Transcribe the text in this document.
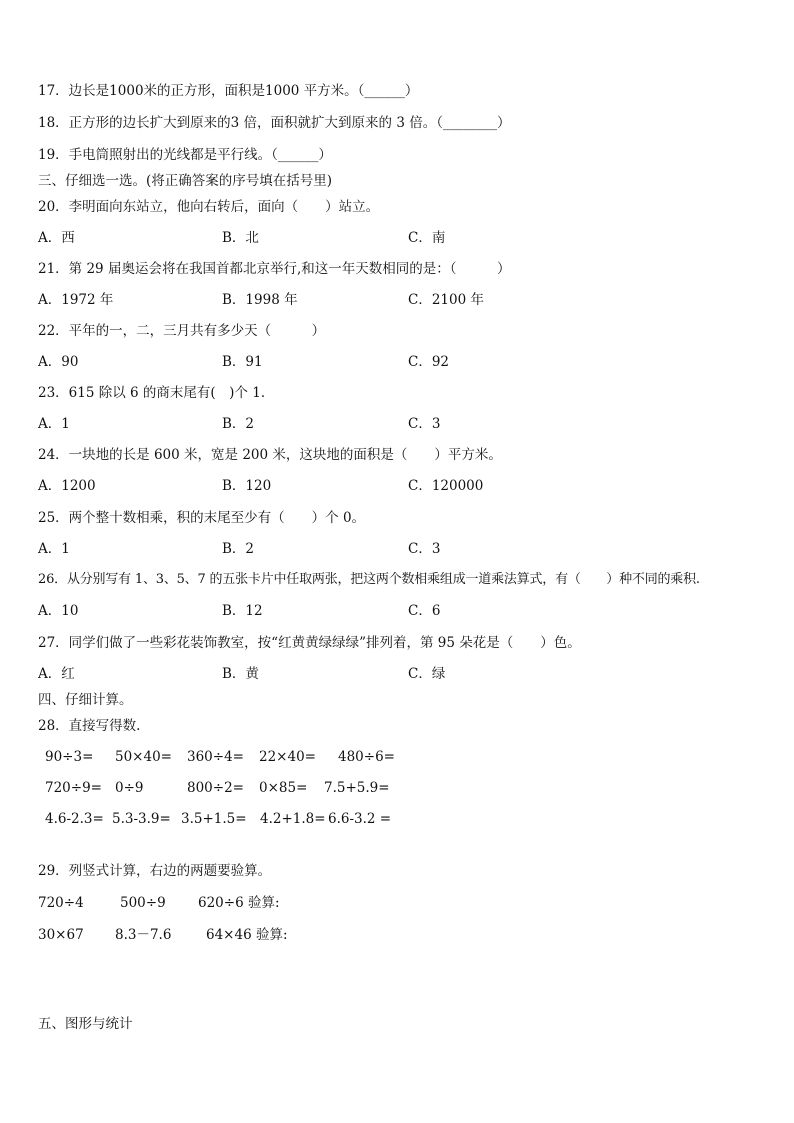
17．边长是1000米的正方形，面积是1000 平方米。（______）
18．正方形的边长扩大到原来的3 倍，面积就扩大到原来的 3 倍。（________）
19．手电筒照射出的光线都是平行线。（______）
三、仔细选一选。(将正确答案的序号填在括号里)
20．李明面向东站立，他向右转后，面向（　　）站立。
A．西	B．北	C．南
21．第 29 届奥运会将在我国首都北京举行,和这一年天数相同的是：（　　　）
A．1972 年	B．1998 年	C．2100 年
22．平年的一，二，三月共有多少天（　　　）
A．90	B．91	C．92
23．615 除以 6 的商末尾有(　)个 1．
A．1	B．2	C．3
24．一块地的长是 600 米，宽是 200 米，这块地的面积是（　　）平方米。
A．1200	B．120	C．120000
25．两个整十数相乘，积的末尾至少有（　　）个 0。
A．1	B．2	C．3
26．从分别写有 1、3、5、7 的五张卡片中任取两张，把这两个数相乘组成一道乘法算式，有（　　）种不同的乘积.
A．10	B．12	C．6
27．同学们做了一些彩花装饰教室，按“红黄黄绿绿绿”排列着，第 95 朵花是（　　）色。
A．红	B．黄	C．绿
四、仔细计算。
28．直接写得数.
90÷3= 50×40= 360÷4= 22×40= 480÷6=
720÷9= 0÷9	800÷2= 0×85= 7.5+5.9=
4.6-2.3= 5.3-3.9= 3.5+1.5= 4.2+1.8= 6.6-3.2 =
29．列竖式计算，右边的两题要验算。
720÷4	500÷9 620÷6 验算:
30×67 8.3－7.6	64×46 验算:
五、图形与统计
